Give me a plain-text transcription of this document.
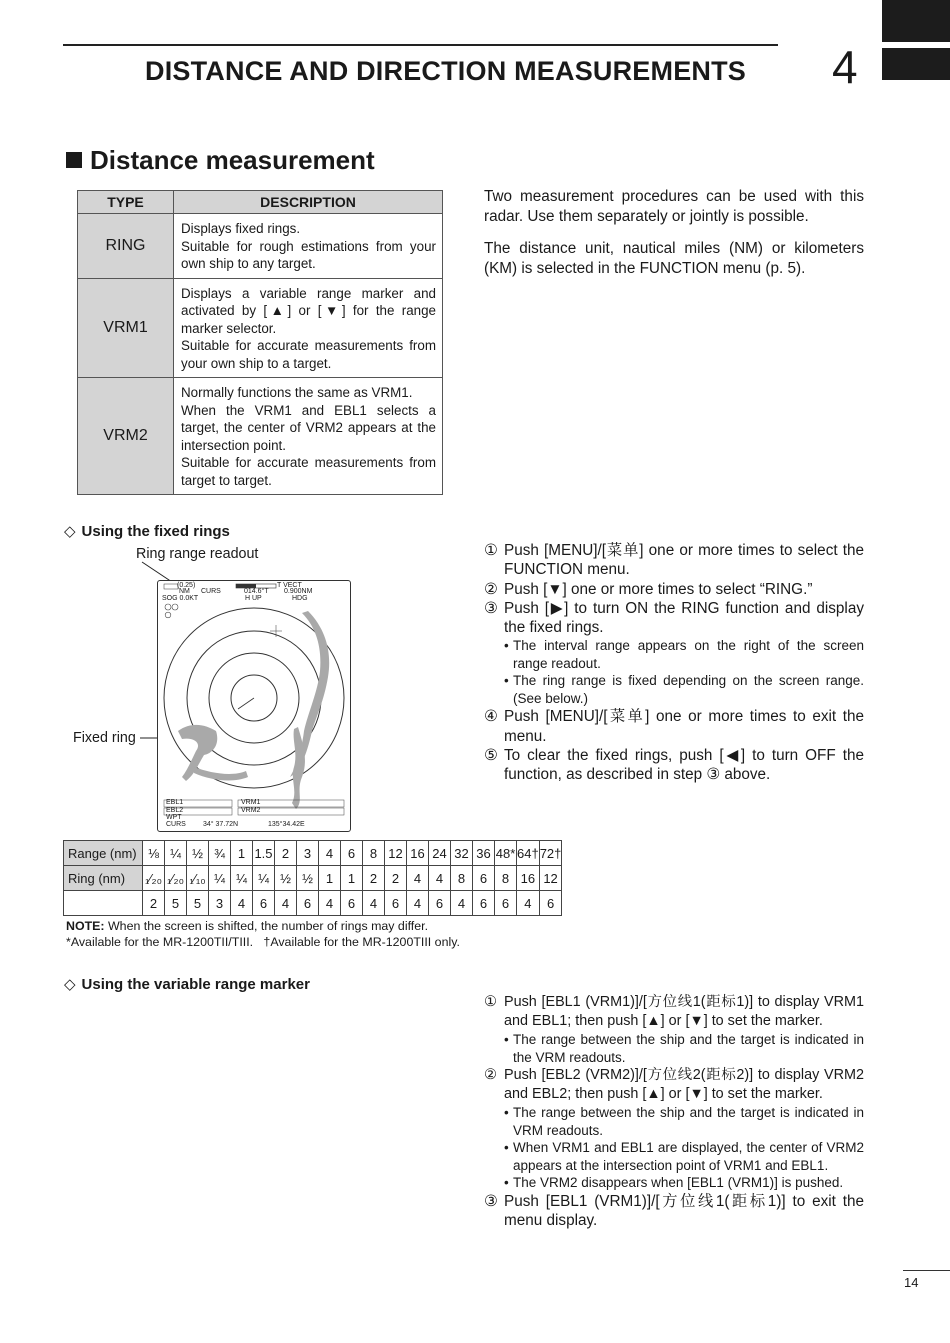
DISTANCE AND DIRECTION MEASUREMENTS 4
Distance measurement
TYPE	DESCRIPTION
RING	Displays fixed rings.
Suitable for rough estimations from your own ship to any target.

VRM1	Displays a variable range marker and activated by [▲] or [▼] for the range marker selector.
Suitable for accurate measurements from your own ship to a target.

VRM2	Normally functions the same as VRM1.
When the VRM1 and EBL1 selects a target, the center of VRM2 appears at the intersection point.
Suitable for accurate measurements from target to target.

Two measurement procedures can be used with this radar. Use them separately or jointly is possible.

The distance unit, nautical miles (NM) or kilometers (KM) is selected in the FUNCTION menu (p. 5).

◇ Using the fixed rings
Ring range readout
Fixed ring
(0.25)
NM CURS
SOG 0.0KT
T VECT
0.900NM
014.6°T
H UP	HDG
EBL1
EBL2
VRM1
VRM2
WPT
CURS 34° 37.72N	135°34.42E
① Push [MENU]/[菜单] one or more times to select the FUNCTION menu.
② Push [▼] one or more times to select “RING.”
③ Push [▶] to turn ON the RING function and display the fixed rings.
• The interval range appears on the right of the screen range readout.
• The ring range is fixed depending on the screen range. (See below.)
④ Push [MENU]/[菜单] one or more times to exit the menu.
⑤ To clear the fixed rings, push [◀] to turn OFF the function, as described in step ③ above.
Range (nm)	⅛	¼	½	¾	1	1.5	2	3	4	6	8	12	16	24	32	36	48*	64†	72†
Ring (nm)	₁⁄₂₀	₁⁄₂₀	₁⁄₁₀	¼	¼	¼	½	½	1	1	2	2	4	4	8	6	8	16	12
	2	5	5	3	4	6	4	6	4	6	4	6	4	6	4	6	6	4	6
NOTE: When the screen is shifted, the number of rings may differ.
*Available for the MR-1200TII/TIII. †Available for the MR-1200TIII only.
◇ Using the variable range marker
① Push [EBL1 (VRM1)]/[方位线1(距标1)] to display VRM1 and EBL1; then push [▲] or [▼] to set the marker.
• The range between the ship and the target is indicated in the VRM readouts.
② Push [EBL2 (VRM2)]/[方位线2(距标2)] to display VRM2 and EBL2; then push [▲] or [▼] to set the marker.
• The range between the ship and the target is indicated in VRM readouts.
• When VRM1 and EBL1 are displayed, the center of VRM2 appears at the intersection point of VRM1 and EBL1.
• The VRM2 disappears when [EBL1 (VRM1)] is pushed.
③ Push [EBL1 (VRM1)]/[方位线1(距标1)] to exit the menu display.
14
